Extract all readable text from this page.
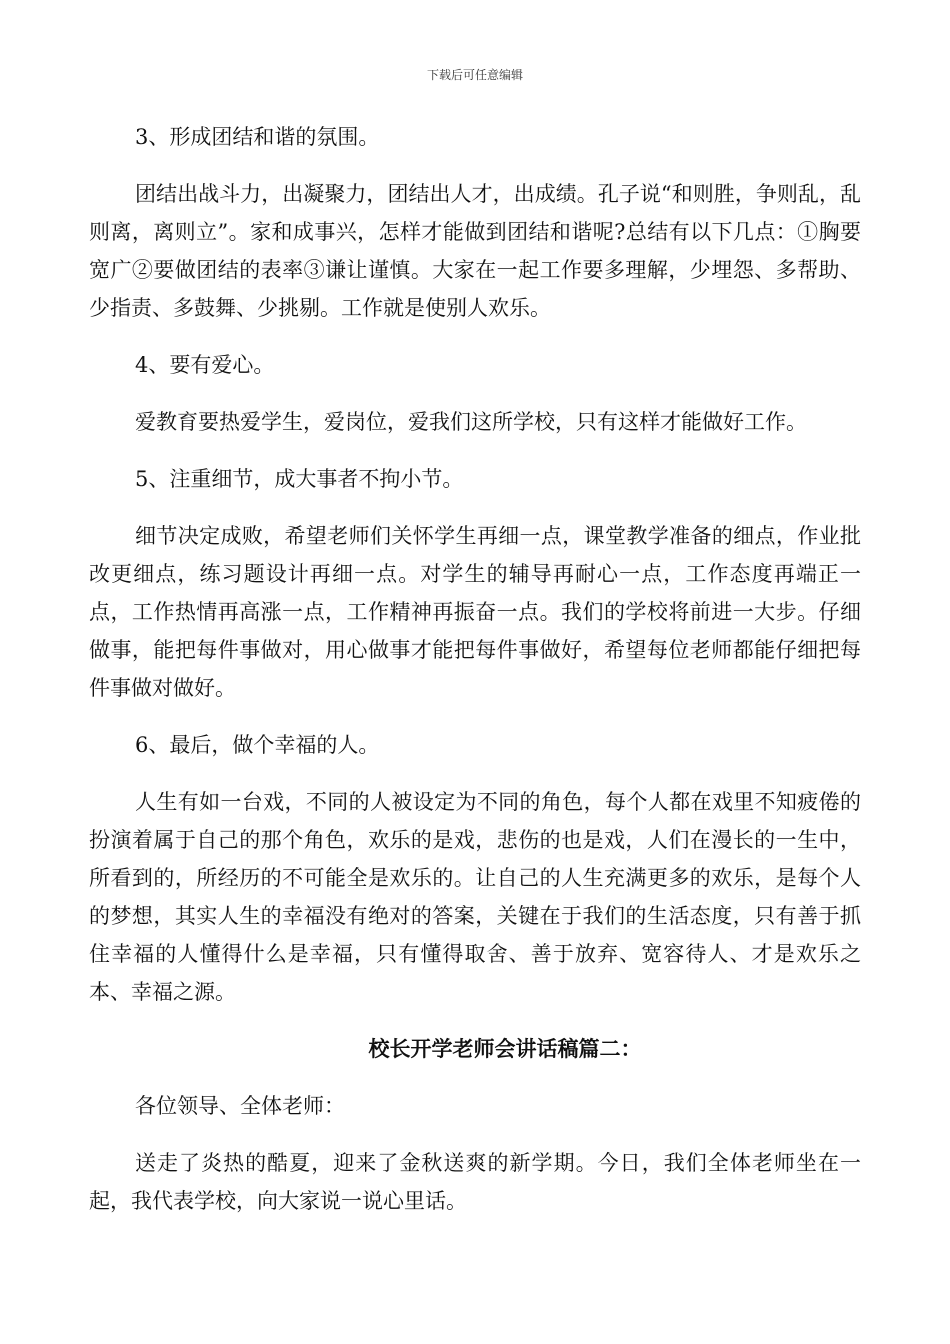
下载后可任意编辑

3、形成团结和谐的氛围。

团结出战斗力，出凝聚力，团结出人才，出成绩。孔子说“和则胜，争则乱，乱则离，离则立”。家和成事兴，怎样才能做到团结和谐呢?总结有以下几点：①胸要宽广②要做团结的表率③谦让谨慎。大家在一起工作要多理解，少埋怨、多帮助、少指责、多鼓舞、少挑剔。工作就是使别人欢乐。

4、要有爱心。

爱教育要热爱学生，爱岗位，爱我们这所学校，只有这样才能做好工作。

5、注重细节，成大事者不拘小节。

细节决定成败，希望老师们关怀学生再细一点，课堂教学准备的细点，作业批改更细点，练习题设计再细一点。对学生的辅导再耐心一点，工作态度再端正一点，工作热情再高涨一点，工作精神再振奋一点。我们的学校将前进一大步。仔细做事，能把每件事做对，用心做事才能把每件事做好，希望每位老师都能仔细把每件事做对做好。

6、最后，做个幸福的人。

人生有如一台戏，不同的人被设定为不同的角色，每个人都在戏里不知疲倦的扮演着属于自己的那个角色，欢乐的是戏，悲伤的也是戏，人们在漫长的一生中，所看到的，所经历的不可能全是欢乐的。让自己的人生充满更多的欢乐，是每个人的梦想，其实人生的幸福没有绝对的答案，关键在于我们的生活态度，只有善于抓住幸福的人懂得什么是幸福，只有懂得取舍、善于放弃、宽容待人、才是欢乐之本、幸福之源。

校长开学老师会讲话稿篇二：

各位领导、全体老师：

送走了炎热的酷夏，迎来了金秋送爽的新学期。今日，我们全体老师坐在一起，我代表学校，向大家说一说心里话。
